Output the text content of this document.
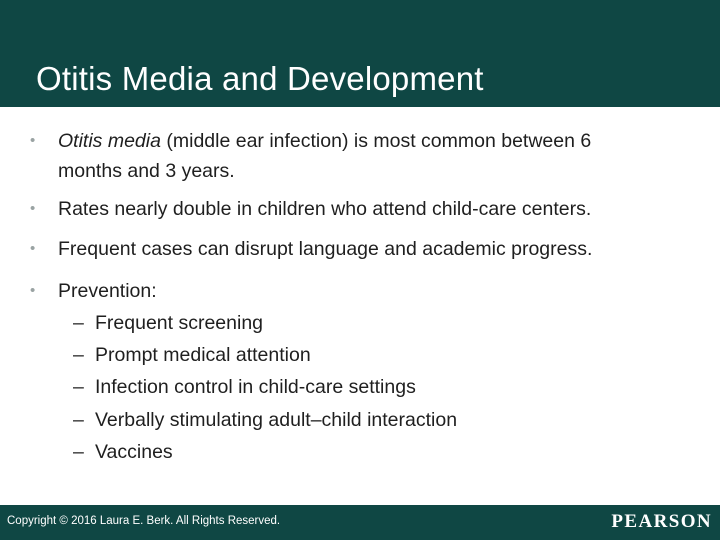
Otitis Media and Development
• Otitis media (middle ear infection) is most common between 6
months and 3 years.
• Rates nearly double in children who attend child-care centers.
• Frequent cases can disrupt language and academic progress.
• Prevention:
– Frequent screening
– Prompt medical attention
– Infection control in child-care settings
– Verbally stimulating adult–child interaction
– Vaccines
Copyright © 2016 Laura E. Berk. All Rights Reserved.	PEARSON
